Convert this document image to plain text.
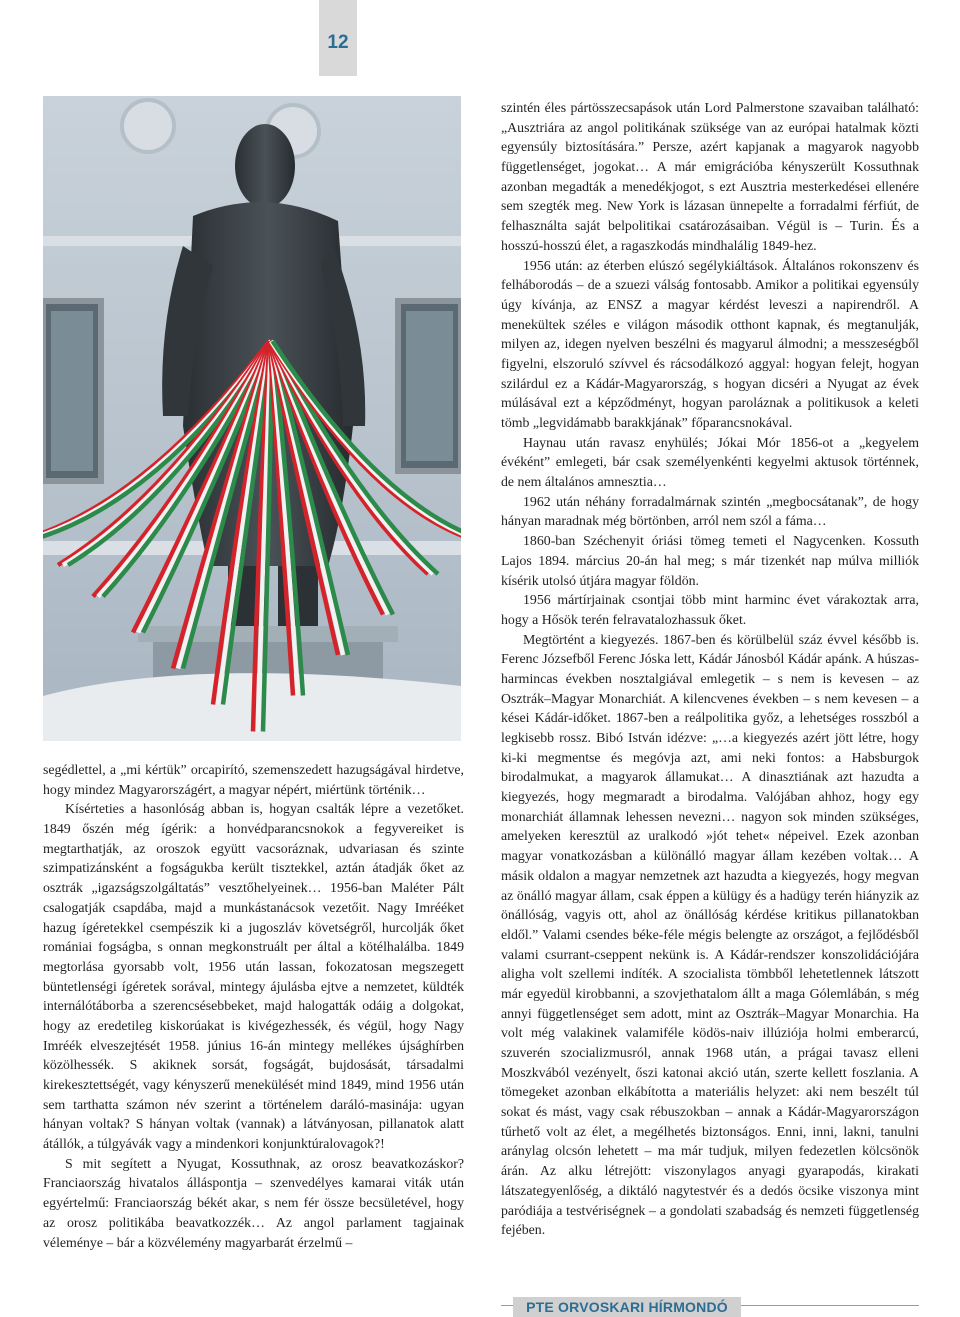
12

segédlettel, a „mi kértük” orcapirító, szemenszedett hazugságával hirdetve, hogy mindez Magyarországért, a magyar népért, miértünk történik…

Kísérteties a hasonlóság abban is, hogyan csalták lépre a vezetőket. 1849 őszén még ígérik: a honvédparancsnokok a fegyvereiket is megtarthatják, az oroszok együtt vacsoráznak, udvariasan és szinte szimpatizánsként a fogságukba került tisztekkel, aztán átadják őket az osztrák „igazságszolgáltatás” vesztőhelyeinek… 1956-ban Maléter Pált csalogatják csapdába, majd a munkástanácsok vezetőit. Nagy Imrééket hazug ígéretekkel csempészik ki a jugoszláv követségről, hurcolják őket romániai fogságba, s onnan megkonstruált per által a kötélhalálba. 1849 megtorlása gyorsabb volt, 1956 után lassan, fokozatosan megszegett büntetlenségi ígéretek sorával, mintegy ájulásba ejtve a nemzetet, küldték internálótáborba a szerencsésebbeket, majd halogatták odáig a dolgokat, hogy az eredetileg kiskorúakat is kivégezhessék, és végül, hogy Nagy Imréék elveszejtését 1958. június 16-án mintegy mellékes újsághírben közölhessék. S akiknek sorsát, fogságát, bujdosását, társadalmi kirekesztettségét, vagy kényszerű menekülését mind 1849, mind 1956 után sem tarthatta számon név szerint a történelem daráló-masinája: ugyan hányan voltak? S hányan voltak (vannak) a látványosan, pillanatok alatt átállók, a túlgyávák vagy a mindenkori konjunktúralovagok?!

S mit segített a Nyugat, Kossuthnak, az orosz beavatkozáskor? Franciaország hivatalos álláspontja – szenvedélyes kamarai viták után egyértelmű: Franciaország békét akar, s nem fér össze becsületével, hogy az orosz politikába beavatkozzék… Az angol parlament tagjainak véleménye – bár a közvélemény magyarbarát érzelmű –

szintén éles pártösszecsapások után Lord Palmerstone szavaiban található: „Ausztriára az angol politikának szüksége van az európai hatalmak közti egyensúly biztosítására.” Persze, azért kapjanak a magyarok nagyobb függetlenséget, jogokat… A már emigrációba kényszerült Kossuthnak azonban megadták a menedékjogot, s ezt Ausztria mesterkedései ellenére sem szegték meg. New York is lázasan ünnepelte a forradalmi férfiút, de felhasználta saját belpolitikai csatározásaiban. Végül is – Turin. És a hosszú-hosszú élet, a ragaszkodás mindhalálig 1849-hez.

1956 után: az éterben elúszó segélykiáltások. Általános rokonszenv és felháborodás – de a szuezi válság fontosabb. Amikor a politikai egyensúly úgy kívánja, az ENSZ a magyar kérdést leveszi a napirendről. A menekültek széles e világon második otthont kapnak, és megtanulják, milyen az, idegen nyelven beszélni és magyarul álmodni; a messzeségből figyelni, elszoruló szívvel és rácsodálkozó aggyal: hogyan felejt, hogyan szilárdul ez a Kádár-Magyarország, s hogyan dicséri a Nyugat az évek múlásával ezt a képződményt, hogyan paroláznak a politikusok a keleti tömb „legvidámabb barakkjának” főparancsnokával.

Haynau után ravasz enyhülés; Jókai Mór 1856-ot a „kegyelem évéként” emlegeti, bár csak személyenkénti kegyelmi aktusok történnek, de nem általános amnesztia…

1962 után néhány forradalmárnak szintén „megbocsátanak”, de hogy hányan maradnak még börtönben, arról nem szól a fáma…

1860-ban Széchenyit óriási tömeg temeti el Nagycenken. Kossuth Lajos 1894. március 20-án hal meg; s már tizenkét nap múlva milliók kísérik utolsó útjára magyar földön.

1956 mártírjainak csontjai több mint harminc évet várakoztak arra, hogy a Hősök terén felravatalozhassuk őket.

Megtörtént a kiegyezés. 1867-ben és körülbelül száz évvel később is. Ferenc Józsefből Ferenc Jóska lett, Kádár Jánosból Kádár apánk. A húszas-harmincas években nosztalgiával emlegetik – s nem is kevesen – az Osztrák–Magyar Monarchiát. A kilencvenes években – s nem kevesen – a kései Kádár-időket. 1867-ben a reálpolitika győz, a lehetséges rosszból a legkisebb rossz. Bibó István idézve: „…a kiegyezés azért jött létre, hogy ki-ki megmentse és megóvja azt, ami neki fontos: a Habsburgok birodalmukat, a magyarok államukat… A dinasztiának azt hazudta a kiegyezés, hogy megmaradt a birodalma. Valójában ahhoz, hogy egy monarchiát államnak lehessen nevezni… nagyon sok minden szükséges, amelyeken keresztül az uralkodó »jót tehet« népeivel. Ezek azonban magyar vonatkozásban a különálló magyar állam kezében voltak… A másik oldalon a magyar nemzetnek azt hazudta a kiegyezés, hogy megvan az önálló magyar állam, csak éppen a külügy és a hadügy terén hiányzik az önállóság, vagyis ott, ahol az önállóság kérdése kritikus pillanatokban eldől.” Valami csendes béke-féle mégis belengte az országot, a fejlődésből valami csurrant-cseppent nekünk is. A Kádár-rendszer konszolidációjára aligha volt szellemi indíték. A szocialista tömbből lehetetlennek látszott már egyedül kirobbanni, a szovjethatalom állt a maga Gólemlábán, s még annyi függetlenséget sem adott, mint az Osztrák–Magyar Monarchia. Ha volt még valakinek valamiféle ködös-naiv illúziója holmi emberarcú, szuverén szocializmusról, annak 1968 után, a prágai tavasz elleni Moszkvából vezényelt, őszi katonai akció után, szerte kellett foszlania. A tömegeket azonban elkábította a materiális helyzet: aki nem beszélt túl sokat és mást, vagy csak rébuszokban – annak a Kádár-Magyarországon tűrhető volt az élet, a megélhetés biztonságos. Enni, inni, lakni, tanulni aránylag olcsón lehetett – ma már tudjuk, milyen fedezetlen kölcsönök árán. Az alku létrejött: viszonylagos anyagi gyarapodás, kirakati látszategyenlőség, a diktáló nagytestvér és a dedós öcsike viszonya mint paródiája a testvériségnek – a gondolati szabadság és nemzeti függetlenség fejében.

PTE ORVOSKARI HÍRMONDÓ
